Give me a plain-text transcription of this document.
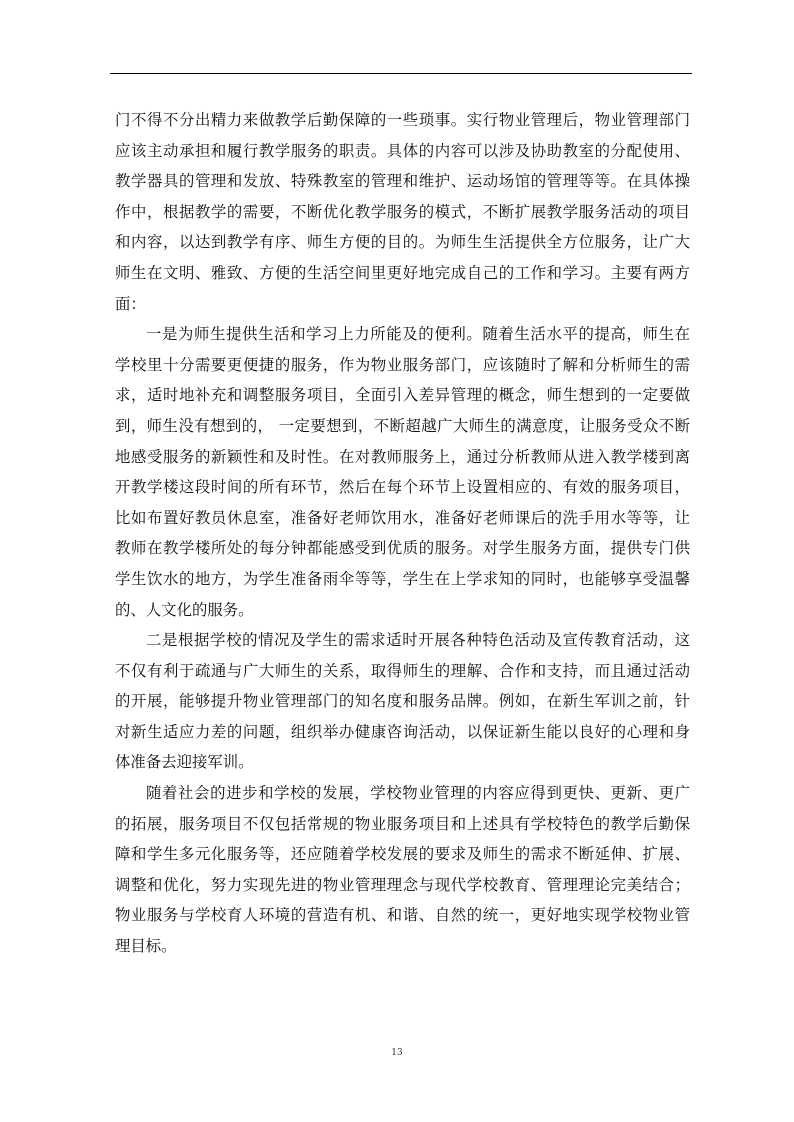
门不得不分出精力来做教学后勤保障的一些琐事。实行物业管理后，物业管理部门
应该主动承担和履行教学服务的职责。具体的内容可以涉及协助教室的分配使用、
教学器具的管理和发放、特殊教室的管理和维护、运动场馆的管理等等。在具体操
作中，根据教学的需要，不断优化教学服务的模式，不断扩展教学服务活动的项目
和内容，以达到教学有序、师生方便的目的。为师生生活提供全方位服务，让广大
师生在文明、雅致、方便的生活空间里更好地完成自己的工作和学习。主要有两方
面：
一是为师生提供生活和学习上力所能及的便利。随着生活水平的提高，师生在
学校里十分需要更便捷的服务，作为物业服务部门，应该随时了解和分析师生的需
求，适时地补充和调整服务项目，全面引入差异管理的概念，师生想到的一定要做
到，师生没有想到的， 一定要想到，不断超越广大师生的满意度，让服务受众不断
地感受服务的新颖性和及时性。在对教师服务上，通过分析教师从进入教学楼到离
开教学楼这段时间的所有环节，然后在每个环节上设置相应的、有效的服务项目，
比如布置好教员休息室，准备好老师饮用水，准备好老师课后的洗手用水等等，让
教师在教学楼所处的每分钟都能感受到优质的服务。对学生服务方面，提供专门供
学生饮水的地方，为学生准备雨伞等等，学生在上学求知的同时，也能够享受温馨
的、人文化的服务。
二是根据学校的情况及学生的需求适时开展各种特色活动及宣传教育活动，这
不仅有利于疏通与广大师生的关系，取得师生的理解、合作和支持，而且通过活动
的开展，能够提升物业管理部门的知名度和服务品牌。例如，在新生军训之前，针
对新生适应力差的问题，组织举办健康咨询活动，以保证新生能以良好的心理和身
体准备去迎接军训。
随着社会的进步和学校的发展，学校物业管理的内容应得到更快、更新、更广
的拓展，服务项目不仅包括常规的物业服务项目和上述具有学校特色的教学后勤保
障和学生多元化服务等，还应随着学校发展的要求及师生的需求不断延伸、扩展、
调整和优化，努力实现先进的物业管理理念与现代学校教育、管理理论完美结合；
物业服务与学校育人环境的营造有机、和谐、自然的统一，更好地实现学校物业管
理目标。
13
